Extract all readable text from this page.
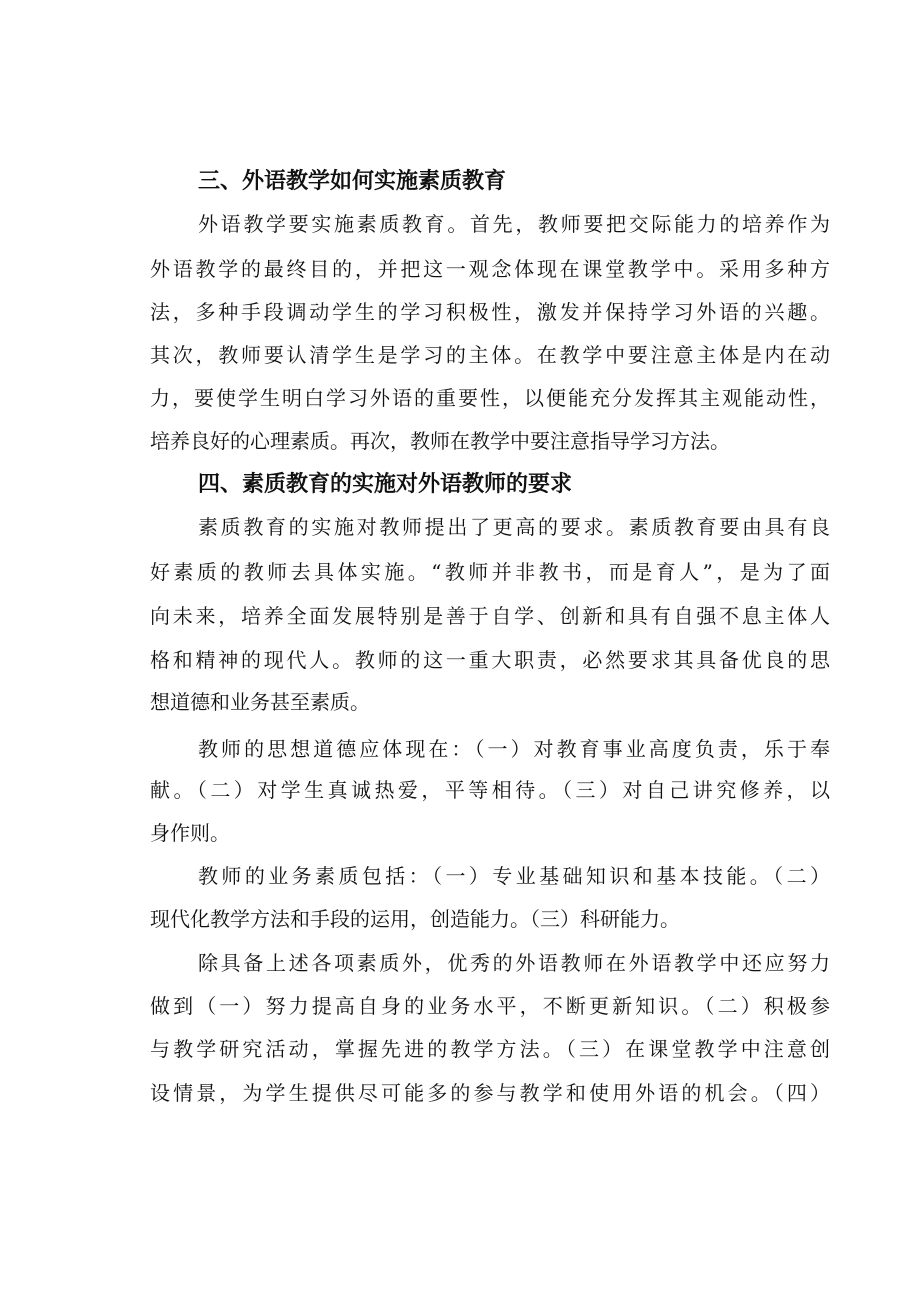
三、外语教学如何实施素质教育

外语教学要实施素质教育。首先，教师要把交际能力的培养作为

外语教学的最终目的，并把这一观念体现在课堂教学中。采用多种方

法，多种手段调动学生的学习积极性，激发并保持学习外语的兴趣。

其次，教师要认清学生是学习的主体。在教学中要注意主体是内在动

力，要使学生明白学习外语的重要性，以便能充分发挥其主观能动性，

培养良好的心理素质。再次，教师在教学中要注意指导学习方法。

四、素质教育的实施对外语教师的要求

素质教育的实施对教师提出了更高的要求。素质教育要由具有良

好素质的教师去具体实施。“教师并非教书，而是育人”，是为了面

向未来，培养全面发展特别是善于自学、创新和具有自强不息主体人

格和精神的现代人。教师的这一重大职责，必然要求其具备优良的思

想道德和业务甚至素质。

教师的思想道德应体现在：（一）对教育事业高度负责，乐于奉

献。（二）对学生真诚热爱，平等相待。（三）对自己讲究修养，以

身作则。

教师的业务素质包括：（一）专业基础知识和基本技能。（二）

现代化教学方法和手段的运用，创造能力。（三）科研能力。

除具备上述各项素质外，优秀的外语教师在外语教学中还应努力

做到（一）努力提高自身的业务水平，不断更新知识。（二）积极参

与教学研究活动，掌握先进的教学方法。（三）在课堂教学中注意创

设情景，为学生提供尽可能多的参与教学和使用外语的机会。（四）
